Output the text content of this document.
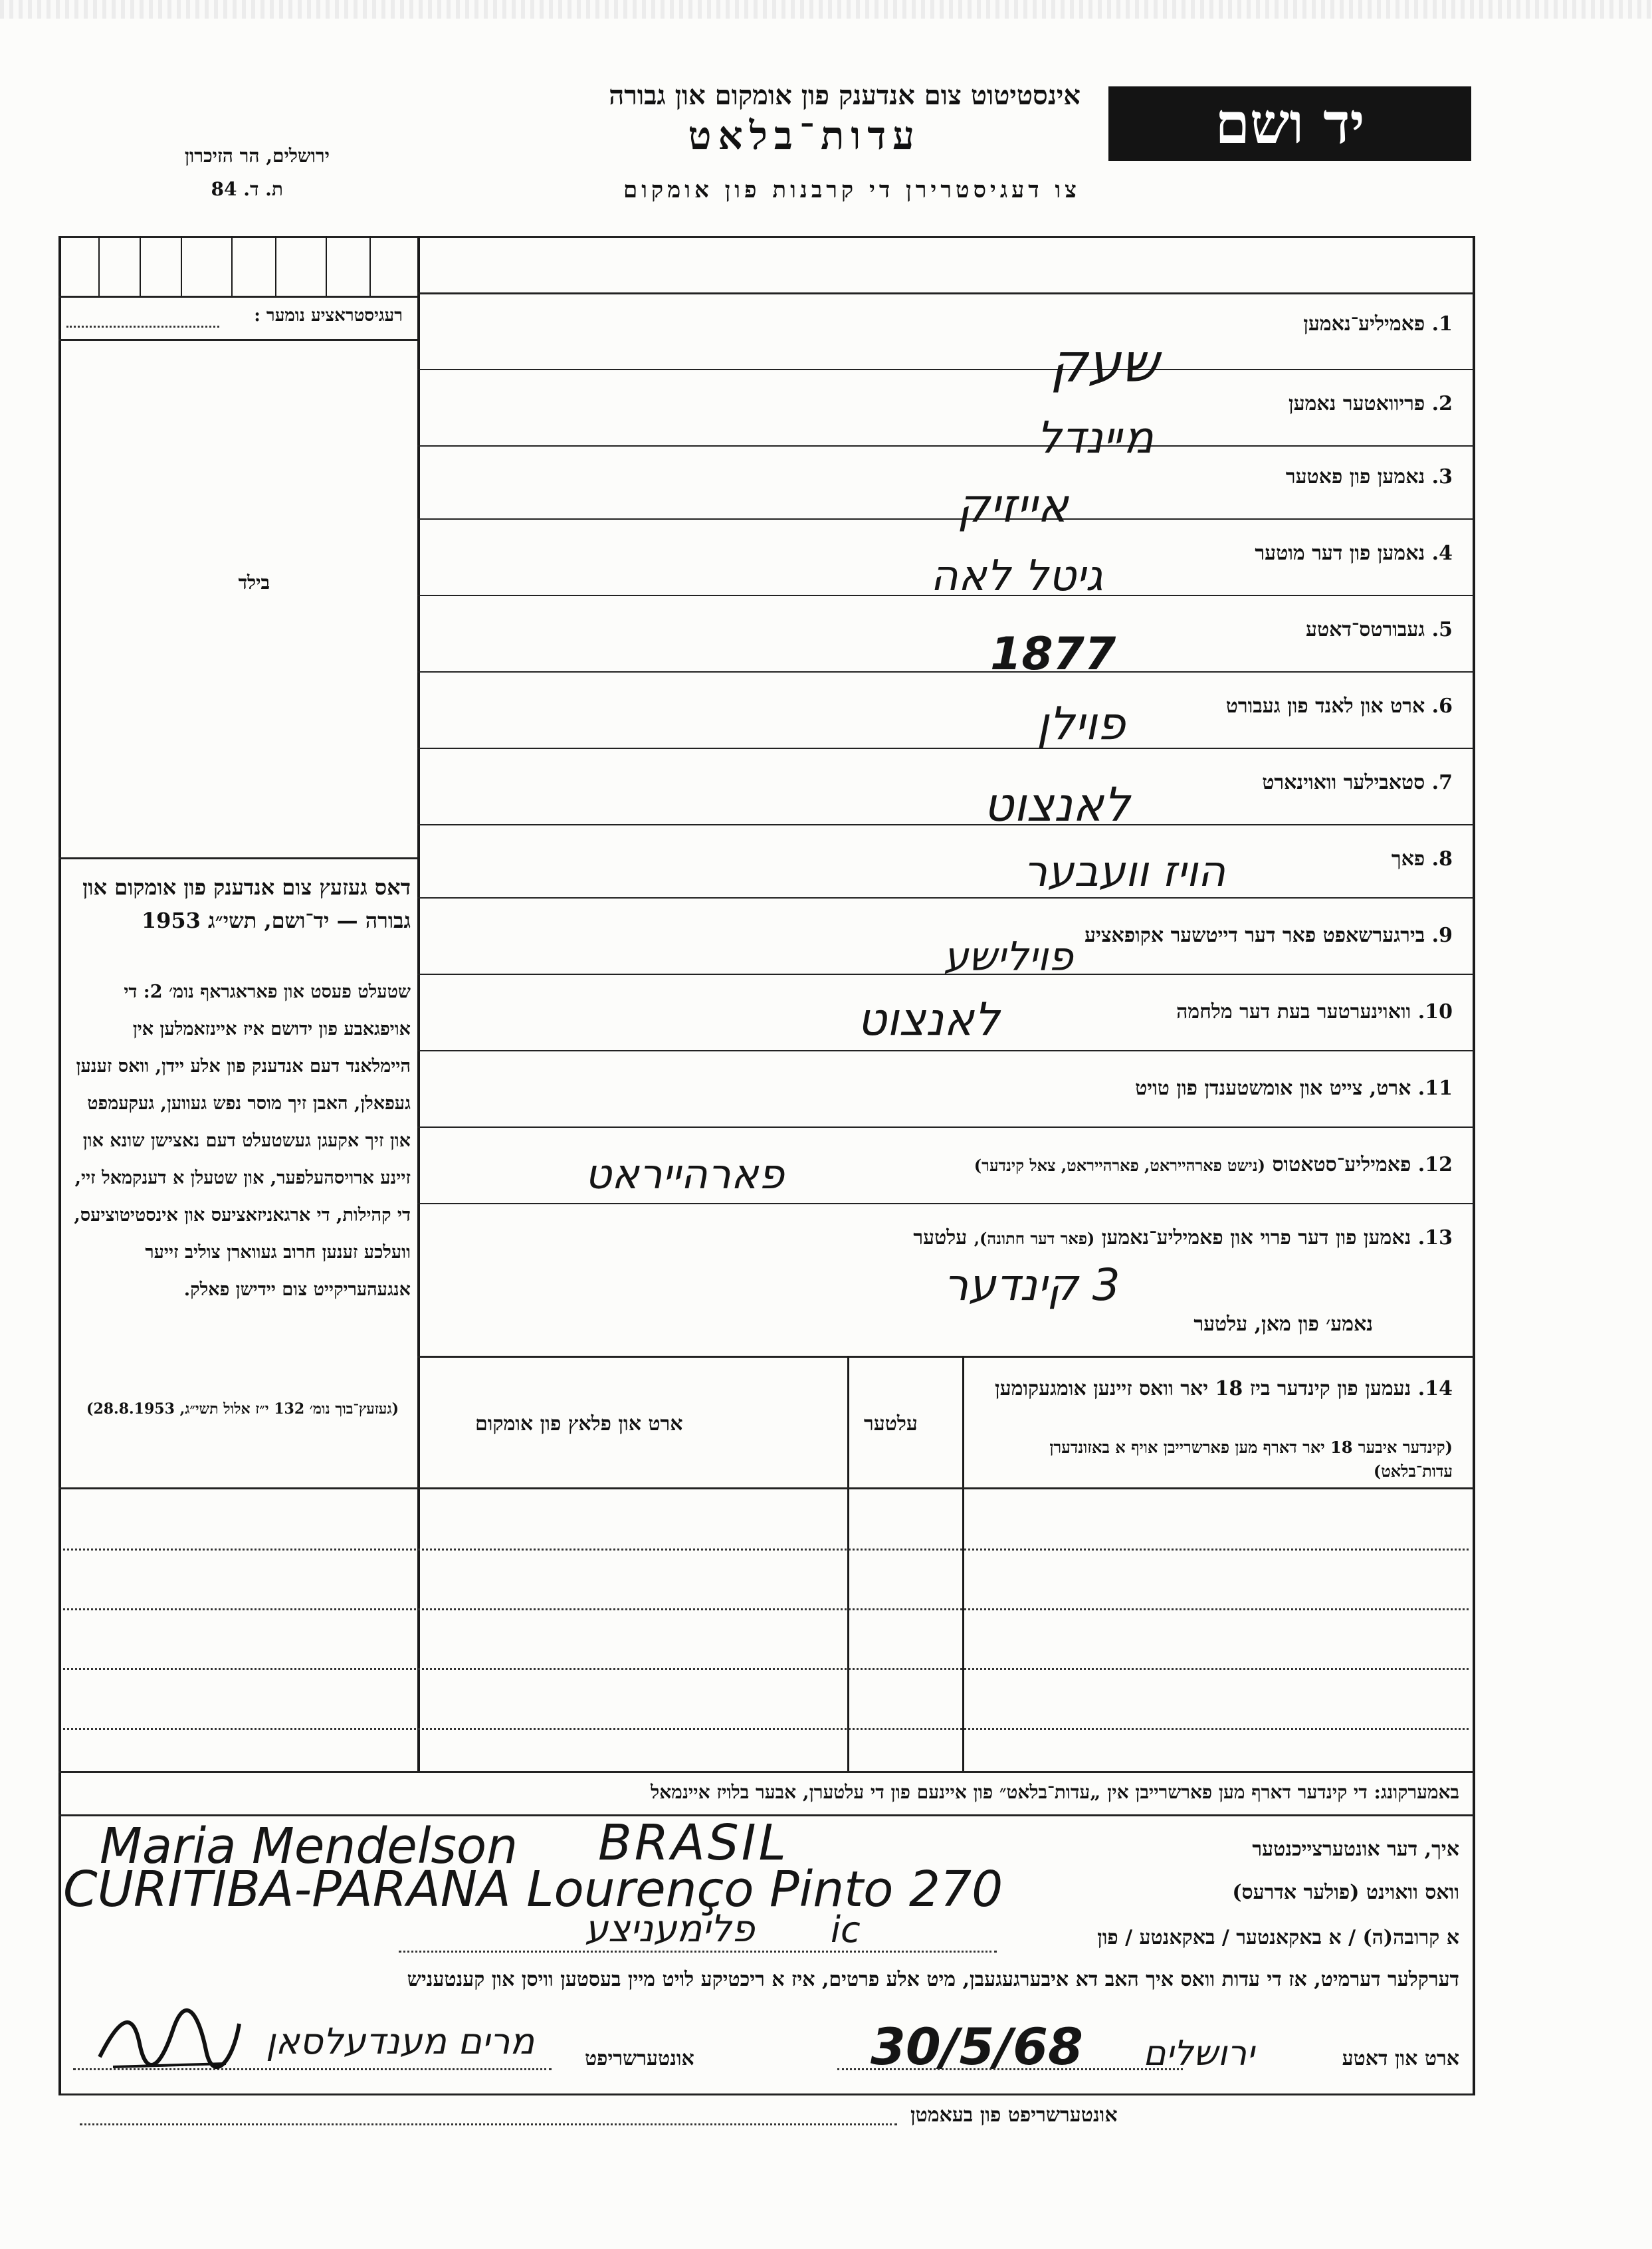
יד ושם
אינסטיטוט צום אנדענק פון אומקום און גבורה
עדות־בלאט
צו דעגיסטרירן די קרבנות פון אומקום
ירושלים, הר הזיכרון
ת. ד. 84
רעגיסטראציע נומער :
בילד
דאס געזעץ צום אנדענק פון אומקום און גבורה — יד־ושם, תשי״ג 1953
שטעלט פעסט און פאראגראף נומ׳ 2: די אויפגאבע פון ידושם איז איינזאמלען אין היימלאנד דעם אנדענק פון אלע יידן, וואס זענען געפאלן, האבן זיך מוסר נפש געווען, געקעמפט און זיך אקעגן געשטעלט דעם נאצישן שונא און זיינע ארויסהעלפער, און שטעלן א דענקמאל זיי, די קהילות, די ארגאניזאציעס און אינסטיטוציעס, וועלכע זענען חרוב געווארן צוליב זייער אנגעהעריקייט צום יידישן פאלק.
(געזעץ־בוך נומ׳ 132 י״ז אלול תשי״ג, 28.8.1953)
1. פאמיליע־נאמען
2. פריוואטער נאמען
3. נאמען פון פאטער
4. נאמען פון דער מוטער
5. געבורטס־דאטע
6. ארט און לאנד פון געבורט
7. סטאבילער וואוינארט
8. פאך
9. בירגערשאפט פאר דער דייטשער אקופאציע
10. וואוינערטער בעת דער מלחמה
11. ארט, צייט און אומשטענדן פון טויט
12. פאמיליע־סטאטוס (נישט פארהייראט, פארהייראט, צאל קינדער)
13. נאמען פון דער פרוי און פאמיליע־נאמען (פאר דער חתונה), עלטער
נאמע׳ פון מאן, עלטער
שעק
מײנדל
אייזיק
גיטל לאה
1877
פוילן
לאנצוט
הויז וועבער
פוילישע
לאנצוט
פארהייראט
3 קינדער
14. נעמען פון קינדער ביז 18 יאר וואס זיינען אומגעקומען
(קינדער איבער 18 יאר דארף מען פארשרייבן אויף א באזונדערן עדות־בלאט)
עלטער
ארט און פלאץ פון אומקום
באמערקונג: די קינדער דארף מען פארשרייבן אין „עדות־בלאט״ פון איינעם פון די עלטערן, אבער בלויז איינמאל
איך, דער אונטערצייכנטער
Maria Mendelson BRASIL
וואס וואוינט (פולער אדרעס)
CURITIBA-PARANA Lourenço Pinto 270
א קרובה(ה) / א באקאנטער / באקאנטע / פון
פלימעניצע ic
דערקלער דערמיט, אז די עדות וואס איך האב דא איבערגעגעבן, מיט אלע פרטים, איז א ריכטיקע לויט מיין בעסטען וויסן און קענטעניש
ארט און דאטע
ירושלים
30/5/68
אונטערשריפט
מרים מענדעלסאן
אונטערשריפט פון בעאמטן
